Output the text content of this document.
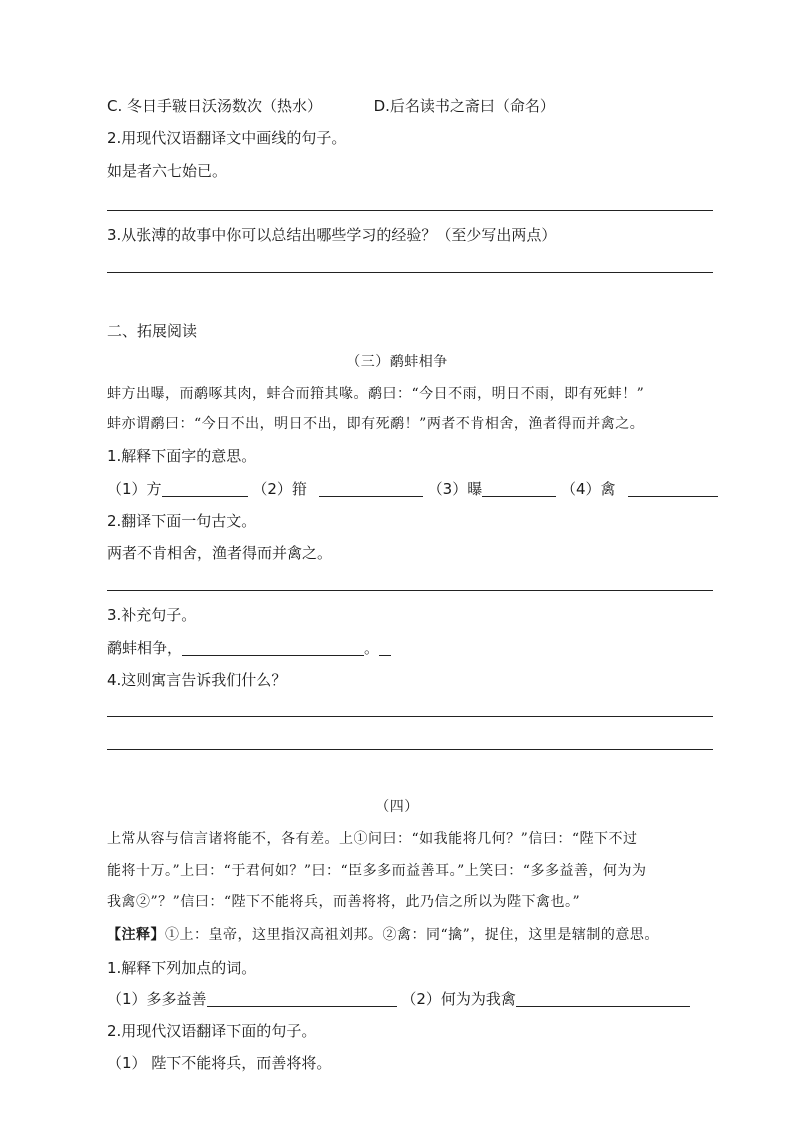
C. 冬日手皲日沃汤数次（热水）	D.后名读书之斋曰（命名）
2.用现代汉语翻译文中画线的句子。
如是者六七始已。
3.从张溥的故事中你可以总结出哪些学习的经验？（至少写出两点）
二、拓展阅读
（三）鹬蚌相争
蚌方出曝，而鹬啄其肉，蚌合而箝其喙。鹬曰：“今日不雨，明日不雨，即有死蚌！”
蚌亦谓鹬曰：“今日不出，明日不出，即有死鹬！”两者不肯相舍，渔者得而并禽之。
1.解释下面字的意思。
（1）方	（2）箝	（3）曝	（4）禽
2.翻译下面一句古文。
两者不肯相舍，渔者得而并禽之。
3.补充句子。
鹬蚌相争，	。
4.这则寓言告诉我们什么？
（四）
上常从容与信言诸将能不，各有差。上①问曰：“如我能将几何？”信曰：“陛下不过
能将十万。”上曰：“于君何如？”曰：“臣多多而益善耳。”上笑曰：“多多益善，何为为
我禽②”？”信曰：“陛下不能将兵，而善将将，此乃信之所以为陛下禽也。”
【注释】①上：皇帝，这里指汉高祖刘邦。②禽：同“擒”，捉住，这里是辖制的意思。
1.解释下列加点的词。
（1）多多益善	（2）何为为我禽
2.用现代汉语翻译下面的句子。
（1） 陛下不能将兵，而善将将。
